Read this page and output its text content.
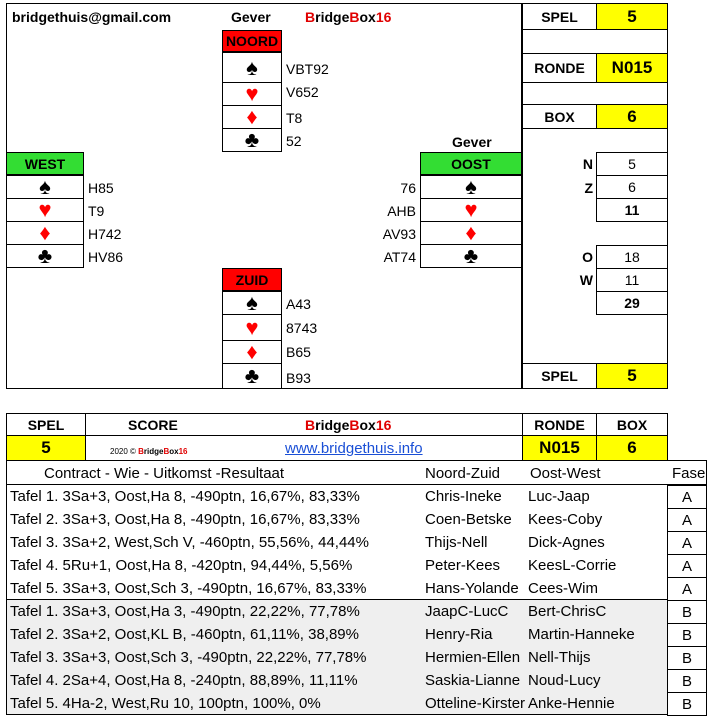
bridgethuis@gmail.com	Gever BridgeBox16
NOORD
♠
♥
♦
♣
VBT92
V652
T8
52
WEST
♠
♥
♦
♣
H85
T9
H742
HV86
Gever
OOST
♠
♥
♦
♣
76
AHB
AV93
AT74
ZUID
♠
♥
♦
♣
A43
8743
B65
B93
SPEL	5
RONDE	N015
BOX	6
N	5
Z	6
11
O	18
W	11
29
SPEL	5
SPEL	SCORE	BridgeBox16	RONDE	BOX
5	2020 © BridgeBox16	www.bridgethuis.info	N015	6
Contract - Wie - Uitkomst -Resultaat	Noord-Zuid Oost-West	Fase
Tafel 1. 3Sa+3, Oost,Ha 8, -490ptn, 16,67%, 83,33%	Chris-Ineke	Luc-Jaap	A
Tafel 2. 3Sa+3, Oost,Ha 8, -490ptn, 16,67%, 83,33%	Coen-Betske	Kees-Coby	A
Tafel 3. 3Sa+2, West,Sch V, -460ptn, 55,56%, 44,44%	Thijs-Nell	Dick-Agnes	A
Tafel 4. 5Ru+1, Oost,Ha 8, -420ptn, 94,44%, 5,56%	Peter-Kees	KeesL-Corrie	A
Tafel 5. 3Sa+3, Oost,Sch 3, -490ptn, 16,67%, 83,33%	Hans-Yolande Cees-Wim	A
Tafel 1. 3Sa+3, Oost,Ha 3, -490ptn, 22,22%, 77,78%	JaapC-LucC	Bert-ChrisC	B
Tafel 2. 3Sa+2, Oost,KL B, -460ptn, 61,11%, 38,89%	Henry-Ria	Martin-Hanneke	B
Tafel 3. 3Sa+3, Oost,Sch 3, -490ptn, 22,22%, 77,78%	Hermien-Ellen Nell-Thijs	B
Tafel 4. 2Sa+4, Oost,Ha 8, -240ptn, 88,89%, 11,11%	Saskia-Lianne Noud-Lucy	B
Tafel 5. 4Ha-2, West,Ru 10, 100ptn, 100%, 0%	Otteline-Kirster Anke-Hennie	B
